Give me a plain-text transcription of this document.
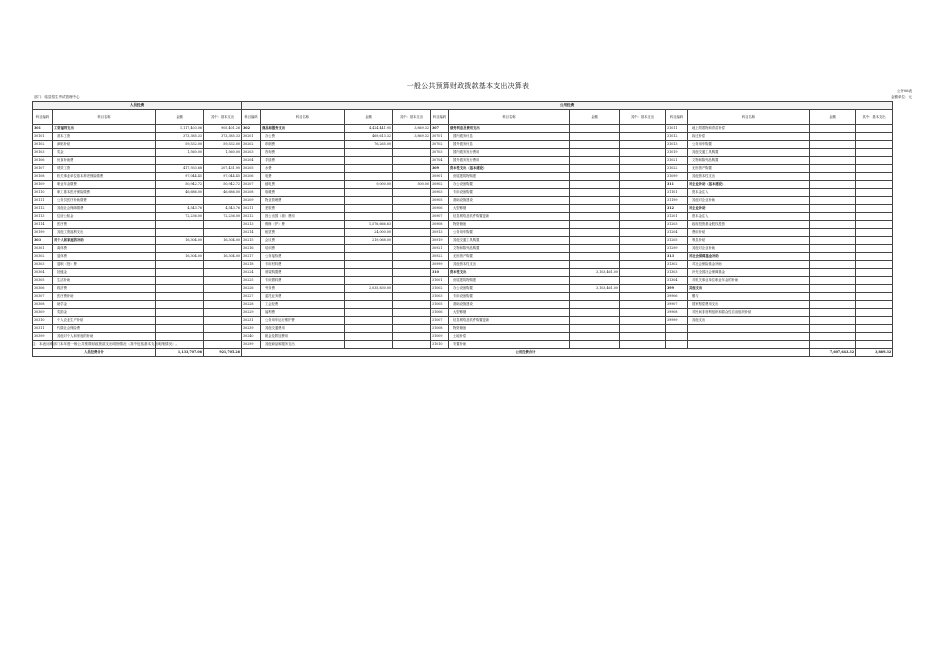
一般公共预算财政拨款基本支出决算表
公开06表
部门：临县招生考试管理中心	金额单位：元
人员经费				公用经费											
科目编码	科目名称	金额	其中：基本支出	科目编码	科目名称	金额	其中：基本支出	科目编码	科目名称	金额	其中：基本支出	科目编码	科目名称	金额	其中：基本支出
301	工资福利支出	1,117,403.06	905,401.26	302	商品和服务支出	4,424,441.95	3,869.32	307	债务利息及费用支出			31011	地上附着物和青苗补偿		
30101	基本工资	373,385.33	373,385.33	30201	办公费	469,613.32	3,869.32	30701	国内债务付息			31012	拆迁补偿		
30102	津贴补贴	59,532.00	59,532.00	30202	印刷费	76,265.00		30702	国外债务付息			31013	公务用车购置		
30103	奖金	1,560.00	1,560.00	30203	咨询费			30703	国内债务发行费用			31019	其他交通工具购置		
30106	伙食补助费			30204	手续费			30704	国外债务发行费用			31021	文物和陈列品购置		
30107	绩效工资	417,933.68	207,431.90	30205	水费			309	资本性支出（基本建设）			31022	无形资产购置		
30108	机关事业单位基本养老保险缴费	97,044.45	97,044.45	30206	电费			30901	房屋建筑物购建			31099	其他资本性支出		
30109	职业年金缴费	50,942.72	50,942.72	30207	邮电费	9,000.00	500.00	30902	办公设备购置			311	对企业补助（基本建设）		
30110	职工基本医疗保险缴费	46,686.00	46,686.00	30208	取暖费			30903	专用设备购置			31101	资本金注入		
30111	公务员医疗补助缴费			30209	物业管理费			30905	基础设施建设			31199	其他对企业补助		
30112	其他社会保障缴费	4,543.76	4,543.76	30211	差旅费			30906	大型修缮			312	对企业补助		
30113	住房公积金	72,236.00	72,236.00	30212	因公出国（境）费用			30907	信息网络及软件购置更新			31201	资本金注入		
30114	医疗费			30213	维修（护）费	1,576,666.63		30908	物资储备			31203	政府投资基金股权投资		
30199	其他工资福利支出			30214	租赁费	24,000.00		30913	公务用车购置			31204	费用补贴		
303	对个人和家庭的补助	16,304.00	16,304.00	30215	会议费	219,068.00		30919	其他交通工具购置			31205	利息补贴		
30301	离休费			30216	培训费			30921	文物和陈列品购置			31299	其他对企业补助		
30302	退休费	16,304.00	16,304.00	30217	公务接待费			30922	无形资产购置			313	对社会保障基金补助		
30303	退职（役）费			30218	专用材料费			30999	其他资本性支出			31302	对社会保险基金补助		
30304	抚恤金			30224	被装购置费			310	资本性支出	3,103,461.00		31303	补充全国社会保障基金		
30305	生活补助			30225	专用燃料费			31001	房屋建筑物购建			31304	对机关事业单位职业年金的补助		
30306	救济费			30226	劳务费	2,035,830.00		31002	办公设备购置	3,103,461.00		399	其他支出		
30307	医疗费补助			30227	委托业务费			31003	专用设备购置			39906	赠与		
30308	助学金			30228	工会经费			31005	基础设施建设			39907	国家赔偿费用支出		
30309	奖励金			30229	福利费			31006	大型修缮			39908	对民间非营利组织和群众性自治组织补贴		
30310	个人农业生产补贴			30231	公务用车运行维护费			31007	信息网络及软件购置更新			39999	其他支出		
30311	代缴社会保险费			30239	其他交通费用			31008	物资储备						
30399	其他对个人和家庭的补助			30240	税金及附加费用			31009	土地补偿						
				30299	其他商品和服务支出			31010	安置补助						
人员经费合计		1,133,707.06	921,705.26	公用经费合计										7,607,643.32	3,869.32
注：本表反映部门本年度一般公共预算财政拨款支出明细情况（其中包括基本支出明细情况）。
